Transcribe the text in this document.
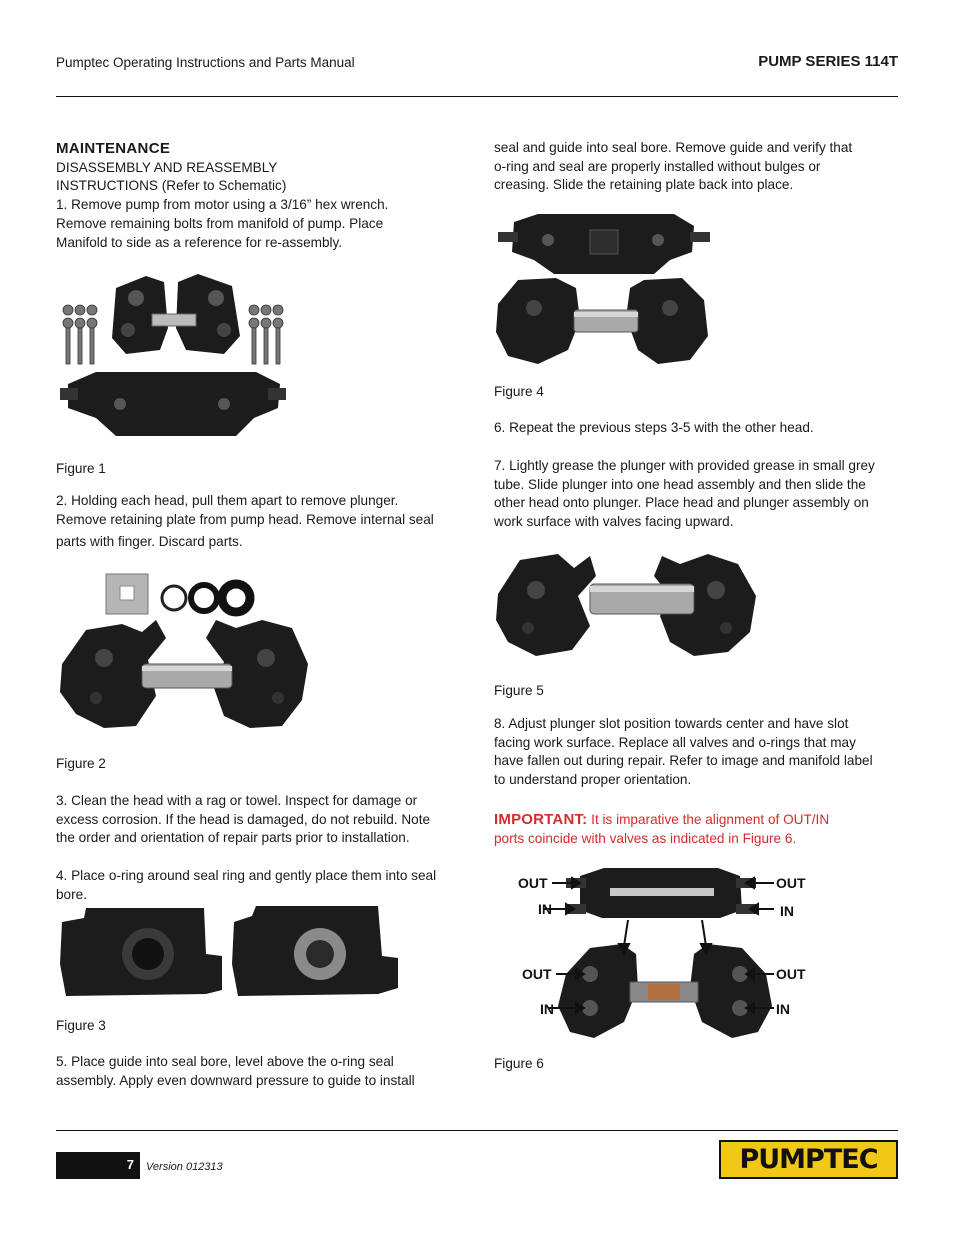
Pumptec Operating Instructions and Parts Manual	PUMP SERIES 114T

MAINTENANCE

DISASSEMBLY AND REASSEMBLY

INSTRUCTIONS (Refer to Schematic)

1. Remove pump from motor using a 3/16” hex wrench.

Remove remaining bolts from manifold of pump. Place

Manifold to side as a reference for re-assembly.

Figure 1

2. Holding each head, pull them apart to remove plunger.

Remove retaining plate from pump head. Remove internal seal

parts with finger. Discard parts.

Figure 2

3. Clean the head with a rag or towel. Inspect for damage or

excess corrosion. If the head is damaged, do not rebuild. Note

the order and orientation of repair parts prior to installation.

4. Place o-ring around seal ring and gently place them into seal

bore.

Figure 3

5. Place guide into seal bore, level above the o-ring seal

assembly. Apply even downward pressure to guide to install

seal and guide into seal bore. Remove guide and verify that

o-ring and seal are properly installed without bulges or

creasing. Slide the retaining plate back into place.

Figure 4
6. Repeat the previous steps 3-5 with the other head.

7. Lightly grease the plunger with provided grease in small grey

tube. Slide plunger into one head assembly and then slide the

other head onto plunger. Place head and plunger assembly on

work surface with valves facing upward.

Figure 5

8. Adjust plunger slot position towards center and have slot

facing work surface. Replace all valves and o-rings that may

have fallen out during repair. Refer to image and manifold label

to understand proper orientation.

IMPORTANT: It is imparative the alignment of OUT/IN

ports coincide with valves as indicated in Figure 6.

OUT
IN
OUT
IN
OUT
IN
OUT
IN
Figure 6
7 Version 012313	PUMPTEC
